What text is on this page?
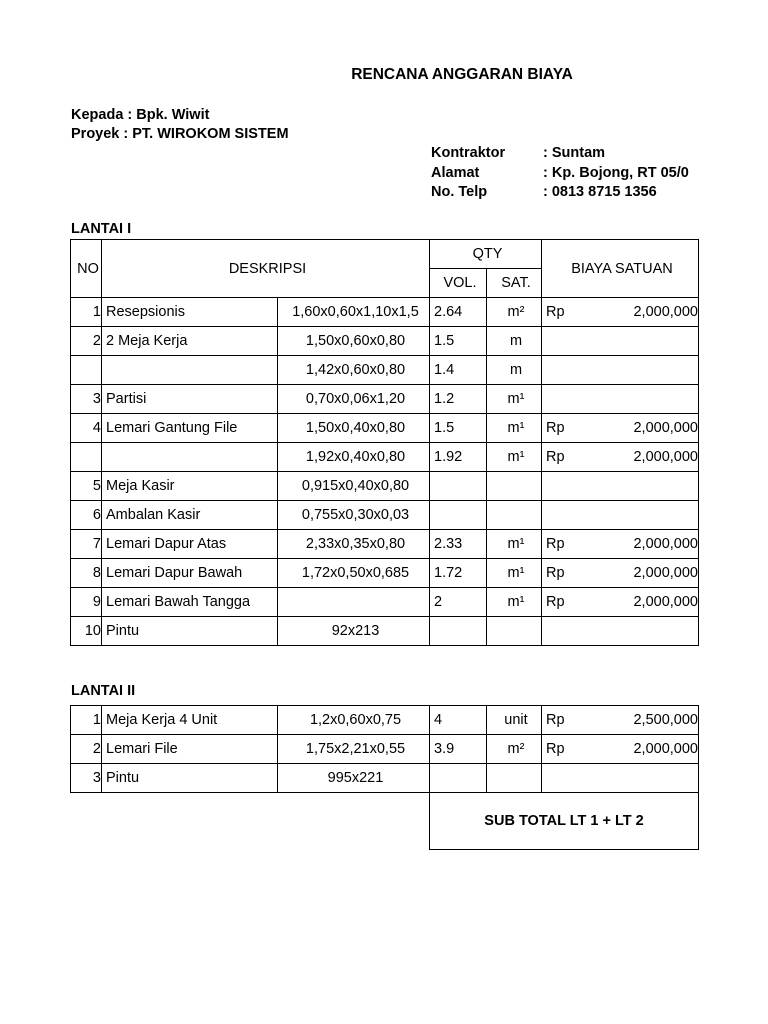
RENCANA ANGGARAN BIAYA
Kepada : Bpk. Wiwit
Proyek : PT. WIROKOM SISTEM
Kontraktor	: Suntam
Alamat	: Kp. Bojong, RT 05/0
No. Telp	: 0813 8715 1356
LANTAI I
NO	DESKRIPSI		QTY		BIAYA SATUAN
			VOL.	SAT.	
1	Resepsionis	1,60x0,60x1,10x1,5	2.64	m²	Rp 2,000,000

2	2 Meja Kerja	1,50x0,60x0,80	1.5	m	

		1,42x0,60x0,80	1.4	m	

3	Partisi	0,70x0,06x1,20	1.2	m¹	

4	Lemari Gantung File	1,50x0,40x0,80	1.5	m¹	Rp 2,000,000

		1,92x0,40x0,80	1.92	m¹	Rp 2,000,000

5	Meja Kasir	0,915x0,40x0,80			

6	Ambalan Kasir	0,755x0,30x0,03			

7	Lemari Dapur Atas	2,33x0,35x0,80	2.33	m¹	Rp 2,000,000

8	Lemari Dapur Bawah	1,72x0,50x0,685	1.72	m¹	Rp 2,000,000

9	Lemari Bawah Tangga		2	m¹	Rp 2,000,000

10	Pintu	92x213			
LANTAI II
1	Meja Kerja 4 Unit	1,2x0,60x0,75	4	unit	Rp 2,500,000

2	Lemari File	1,75x2,21x0,55	3.9	m²	Rp 2,000,000

3	Pintu	995x221			

			SUB TOTAL LT 1 + LT 2		
